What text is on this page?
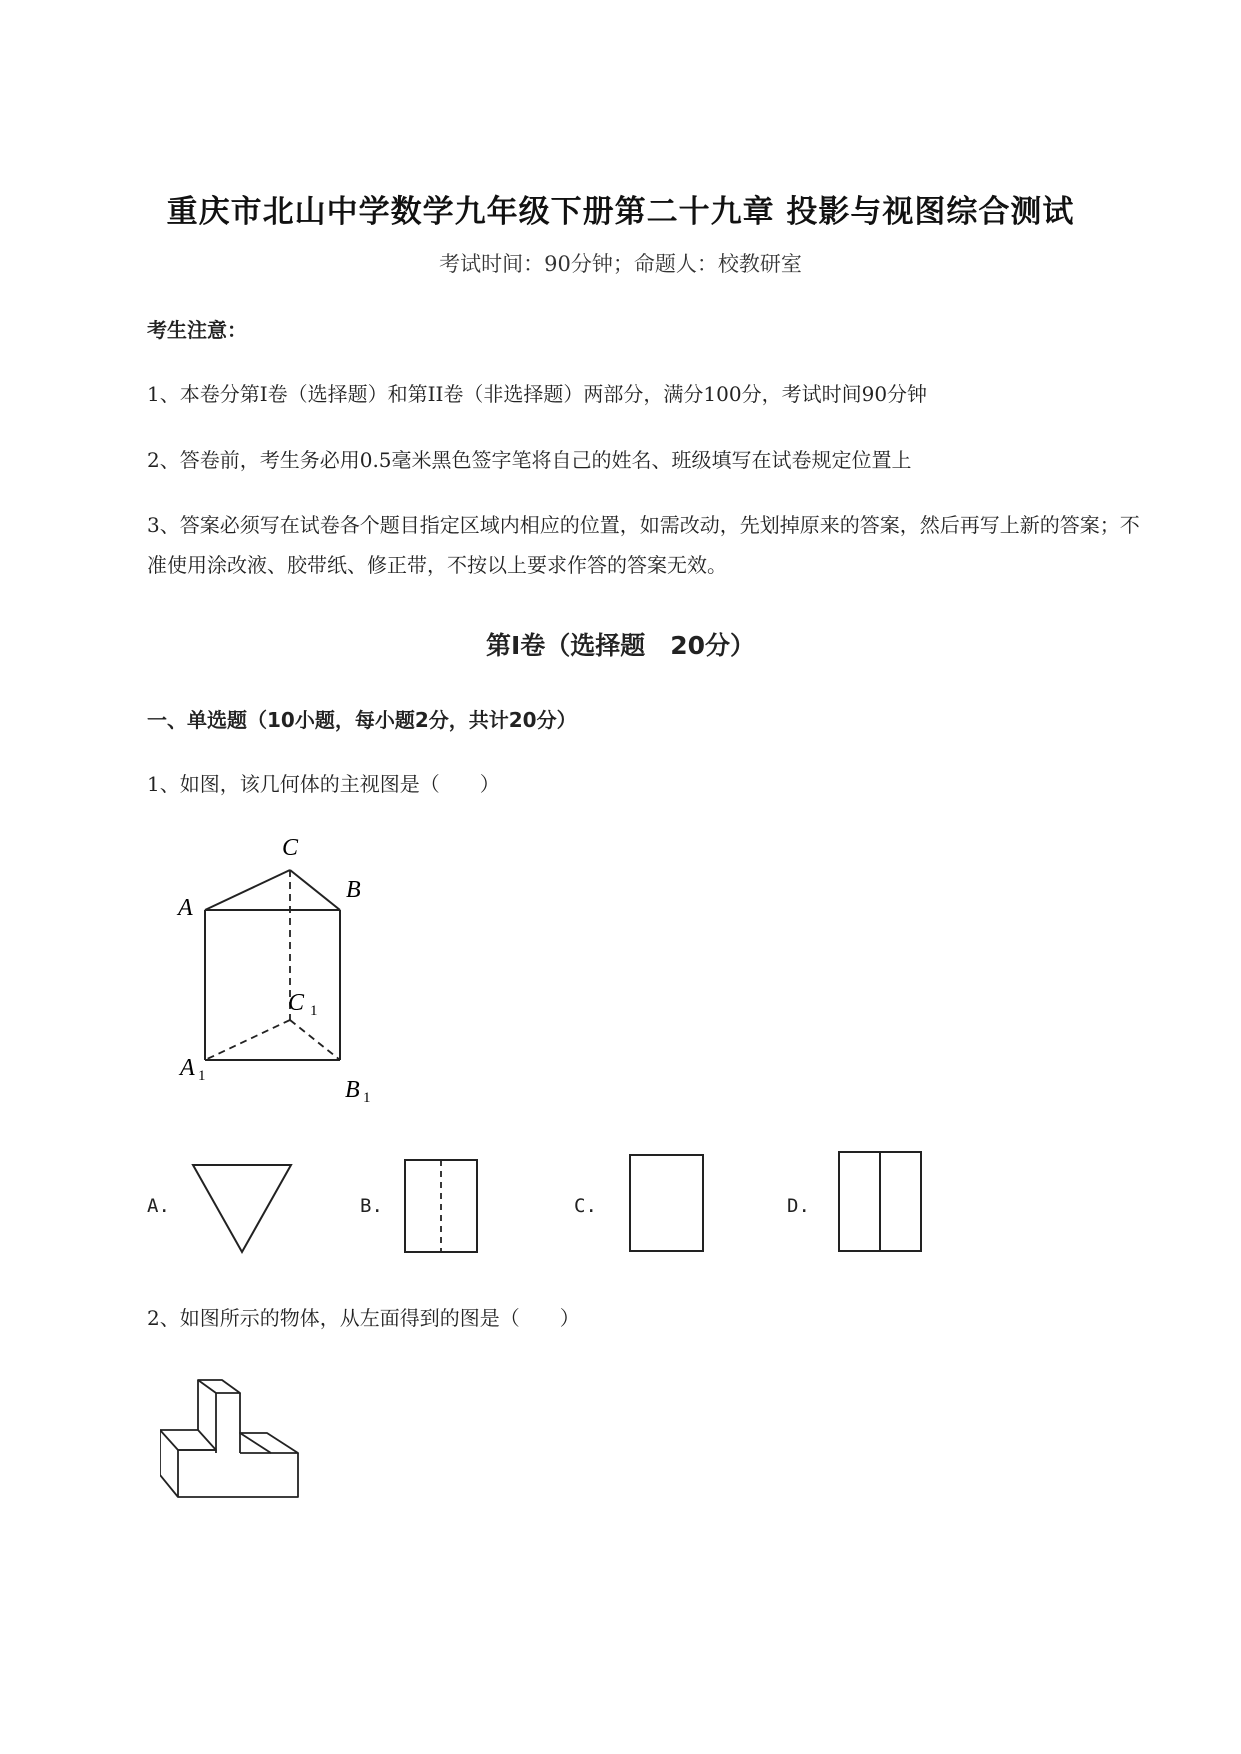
重庆市北山中学数学九年级下册第二十九章 投影与视图综合测试
考试时间：90分钟；命题人：校教研室
考生注意：
1、本卷分第I卷（选择题）和第II卷（非选择题）两部分，满分100分，考试时间90分钟
2、答卷前，考生务必用0.5毫米黑色签字笔将自己的姓名、班级填写在试卷规定位置上
3、答案必须写在试卷各个题目指定区域内相应的位置，如需改动，先划掉原来的答案，然后再写上新的答案；不准使用涂改液、胶带纸、修正带，不按以上要求作答的答案无效。
第I卷（选择题　20分）
一、单选题（10小题，每小题2分，共计20分）
1、如图，该几何体的主视图是（　　）
C
A
B
C 1
A 1
B 1
A.	B.	C.	D.
2、如图所示的物体，从左面得到的图是（　　）
